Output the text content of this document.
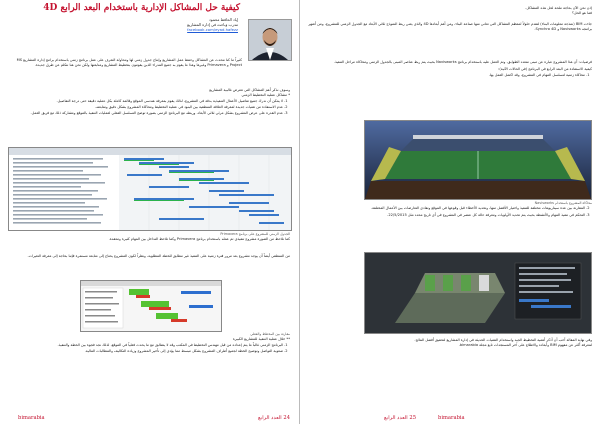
كيفية حل المشاكل الإدارية باستخدام البعد الرابع 4D
إياد الحافظ محمود
مدرب وباحث في إدارة المشاريع
facebook.com/eyad.hafezz

كثيراً ما كنا نتحدث عن المشاكل وحفظ عمل المشاريع وإنتاج جدول زمني لها ومحاولة التعرف على عمل برنامج زمني باستخدام برامج إدارة المشاريع MS Project و Primavera وغيرها وهذا ما يقوم به جميع المدراء الذين يقومون بتخطيط المشاريع ومتابعتها ولكن نحن هنا نتكلم عن طرق جديدة.

وسوف نذكر أهم المشاكل التي تعترض غالبية المشاريع

* مشاكل عملية التخطيط الزمني

1. لا يمكن أن ندرك جميع تفاصيل الأعمال التنفيذية بدقة في المشروع، لذلك يقوم بمعرفة هندسي الموقع وقائمة كاملة بكل عملية دقيقة حتى درجة التفاصيل.
2. عدم الاستفادة من تقنيات جديدة لمعرفة العلاقة المنطقية بين البنود في عملية التخطيط ومحاكاة المشروع بشكل دقيق ومتابعته.
3. عدم القدرة على عرض المشروع بشكل مرئي ثلاثي الأبعاد، وربطه مع البرنامج الزمني بصورة توضح التسلسل الفعلي لعمليات التنفيذ بالموقع ومشاركة ذلك مع فريق العمل.

الجدول الزمني للمشروع على برنامج Primavera

كما نلاحظ من الصورة مشروع تنفيذي تم عمله باستخدام برنامج Primavera وكما تلاحظ التداخل بين المهام كثيرة ومعقدة.

من المنطقي أيضاً أن يوجد مشروع بعد مرور فترة زمنية على التنفيذ غير مطابق للخطة المطلوبة، ونظراً لكون المشروع يحتاج إلى متابعة مستمرة فإننا بحاجة إلى معرفة التغيرات.

مقارنة بين المخطط والفعلي

** خلال عملية التنفيذ للمشاريع الكبيرة

1. البرنامج الزمني غالباً ما يتم إعداده من قبل مهندس التخطيط في المكتب وقد لا يتطابق مع ما يحدث فعلياً في الموقع، لذلك نجد فجوة بين الخطة والتنفيذ.
2. صعوبة التواصل وتوضيح الخطة لجميع أطراف المشروع بشكل مبسط مما يؤدي إلى تأخير المشروع وزيادة التكاليف والمطالبات المالية.
24 العدد الرابع
bimarabia

إذن نحن الآن بحاجة ملحة لحل هذه المشاكل.

فما هو الحل؟

جاءت BIM (نمذجة معلومات البناء) لتقدم حلولاً لمعظم المشاكل التي تعاني منها صناعة البناء، ومن أهم أبعادها 4D والذي يعني ربط النموذج ثلاثي الأبعاد مع الجدول الزمني للمشروع، ومن أشهر برامجه Navisworks و Synchro 4D.

فرضيات: أن هذا المشروع عبارة عن مبنى متعدد الطوابق، وتم العمل عليه باستخدام برنامج Navisworks بحيث يتم ربط عناصر المبنى بالجدول الزمني ومحاكاة مراحل التنفيذ.

كيفية الاستفادة من البعد الرابع في البرنامج (في الحالات الآتية):

1. محاكاة زمنية لتسلسل المهام في المشروع، وقد اكتمل العمل بها.

محاكاة المشروع باستخدام Navisworks

2. المقارنة بين عدة سيناريوهات مختلفة للتنفيذ واختيار الأفضل منها، وتحديد الأخطاء قبل وقوعها في الموقع وتفادي التعارضات بين الأعمال المختلفة.
3. التحكم في تنفيذ المهام والأنشطة بحيث يتم تحديد الأولويات ومعرفة حالة كل عنصر في المشروع في أي تاريخ محدد مثل 22/5/2015.

وفي نهاية المقالة أحب أن أذكر أهمية التخطيط الجيد واستخدام التقنيات الحديثة في إدارة المشاريع لتحقيق أفضل النتائج.

لمعرفة أكثر عن مفهوم BIM وأبعاده والاطلاع على آخر المستجدات تابع مجلة bimarabia.

25 العدد الرابع	bimarabia
